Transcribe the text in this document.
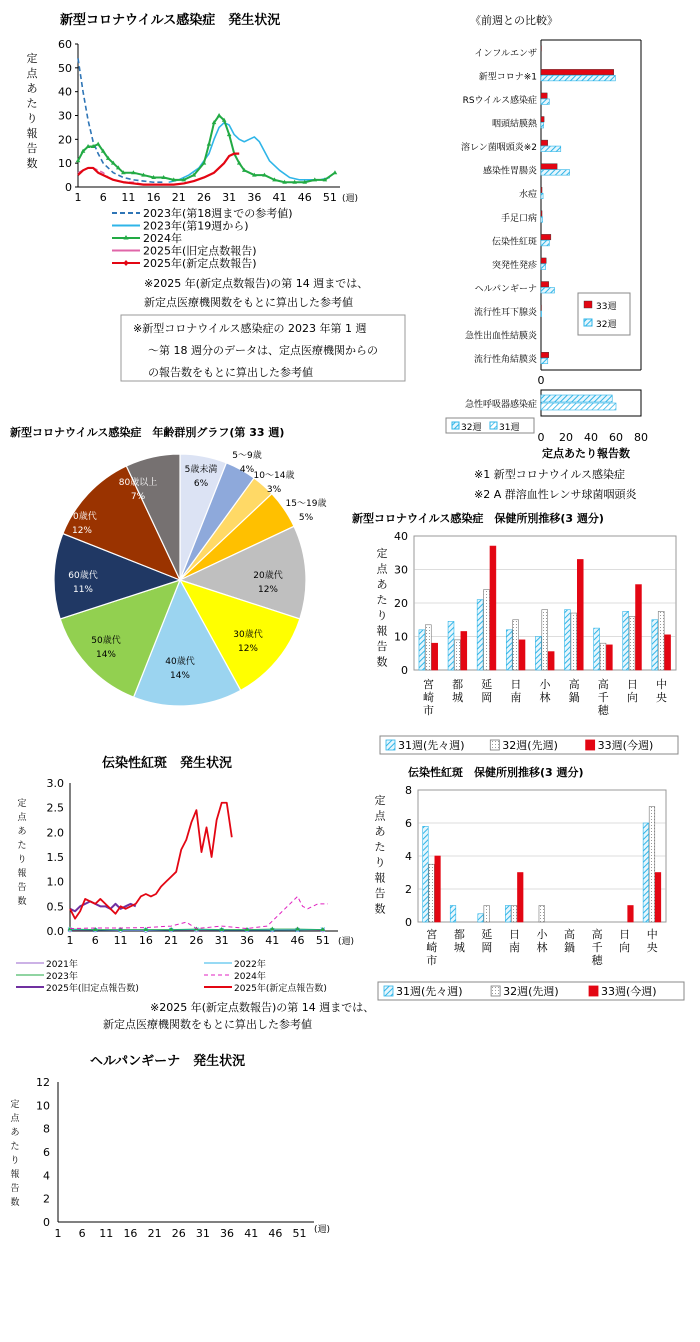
新型コロナウイルス感染症　発生状況
定点あたり報告数
60
50
40
30
20
10
0
1 6 11 16 21 26 31 36 41 46 51 (週)
2023年(第18週までの参考値)
2023年(第19週から)
2024年
2025年(旧定点数報告)
2025年(新定点数報告)
※2025 年(新定点数報告)の第 14 週までは、
新定点医療機関数をもとに算出した参考値
※新型コロナウイルス感染症の 2023 年第 1 週
～第 18 週分のデータは、定点医療機関からの
の報告数をもとに算出した参考値
《前週との比較》
0
インフルエンザ
新型コロナ※1
RSウイルス感染症
咽頭結膜熱
溶レン菌咽頭炎※2
感染性胃腸炎
水痘
手足口病
伝染性紅斑
突発性発疹
ヘルパンギーナ
流行性耳下腺炎
急性出血性結膜炎
流行性角結膜炎
33週
32週
急性呼吸器感染症
32週 31週
0 20 40 60 80
定点あたり報告数
※1 新型コロナウイルス感染症
※2 A 群溶血性レンサ球菌咽頭炎
新型コロナウイルス感染症　年齢群別グラフ(第 33 週)
5歳未満
6%
5～9歳
4%
10～14歳
3%
15～19歳
5%
20歳代
12%
30歳代
12%
40歳代
14%
50歳代
14%
60歳代
11%
70歳代
12%
80歳以上
7%
新型コロナウイルス感染症　保健所別推移(3 週分)
定点あたり報告数
40
30
20
10
0
宮崎市
都城
延岡
日南
小林
高鍋
高千穂
日向
中央
31週(先々週)	32週(先週)	33週(今週)
伝染性紅斑　発生状況
定点あたり報告数
3.0
2.5
2.0
1.5
1.0
0.5
0.0
1 6 11 16 21 26 31 36 41 46 51 (週)
2021年	2022年
2023年	2024年
2025年(旧定点報告数)	2025年(新定点報告数)
※2025 年(新定点数報告)の第 14 週までは、
新定点医療機関数をもとに算出した参考値
伝染性紅斑　保健所別推移(3 週分)
定点あたり報告数
8
6
4
2
0
宮崎市
都城
延岡
日南
小林
高鍋
高千穂
日向
中央
31週(先々週)	32週(先週)	33週(今週)
ヘルパンギーナ　発生状況
定点あたり報告数
12
10
8
6
4
2
0
1 6 11 16 21 26 31 36 41 46 51 (週)
